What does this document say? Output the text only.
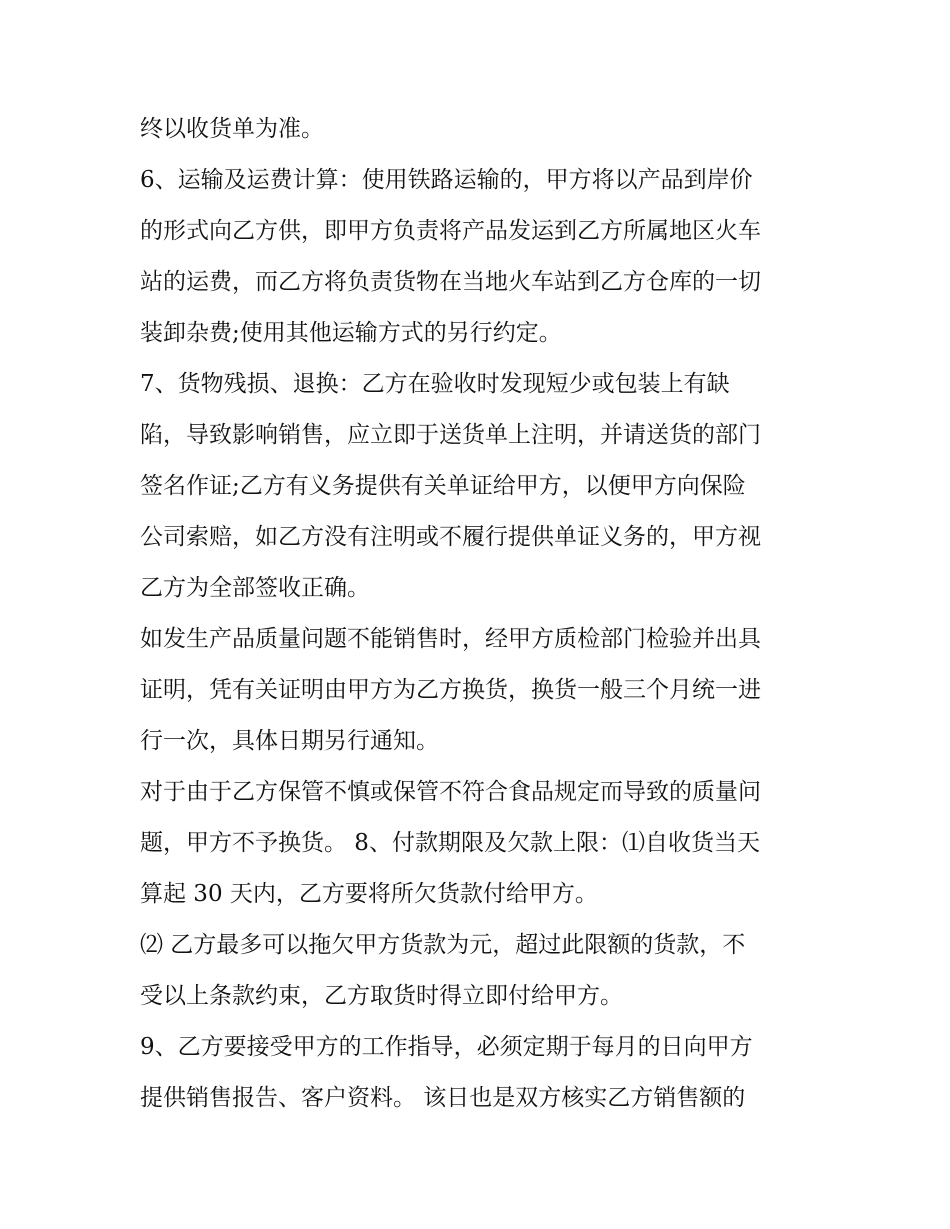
终以收货单为准。
6、运输及运费计算：使用铁路运输的，甲方将以产品到岸价
的形式向乙方供，即甲方负责将产品发运到乙方所属地区火车
站的运费，而乙方将负责货物在当地火车站到乙方仓库的一切
装卸杂费;使用其他运输方式的另行约定。
7、货物残损、退换：乙方在验收时发现短少或包装上有缺
陷，导致影响销售，应立即于送货单上注明，并请送货的部门
签名作证;乙方有义务提供有关单证给甲方，以便甲方向保险
公司索赔，如乙方没有注明或不履行提供单证义务的，甲方视
乙方为全部签收正确。
如发生产品质量问题不能销售时，经甲方质检部门检验并出具
证明，凭有关证明由甲方为乙方换货，换货一般三个月统一进
行一次，具体日期另行通知。
对于由于乙方保管不慎或保管不符合食品规定而导致的质量问
题，甲方不予换货。 8、付款期限及欠款上限：⑴自收货当天
算起 30 天内，乙方要将所欠货款付给甲方。
⑵ 乙方最多可以拖欠甲方货款为元，超过此限额的货款，不
受以上条款约束，乙方取货时得立即付给甲方。
9、乙方要接受甲方的工作指导，必须定期于每月的日向甲方
提供销售报告、客户资料。 该日也是双方核实乙方销售额的
